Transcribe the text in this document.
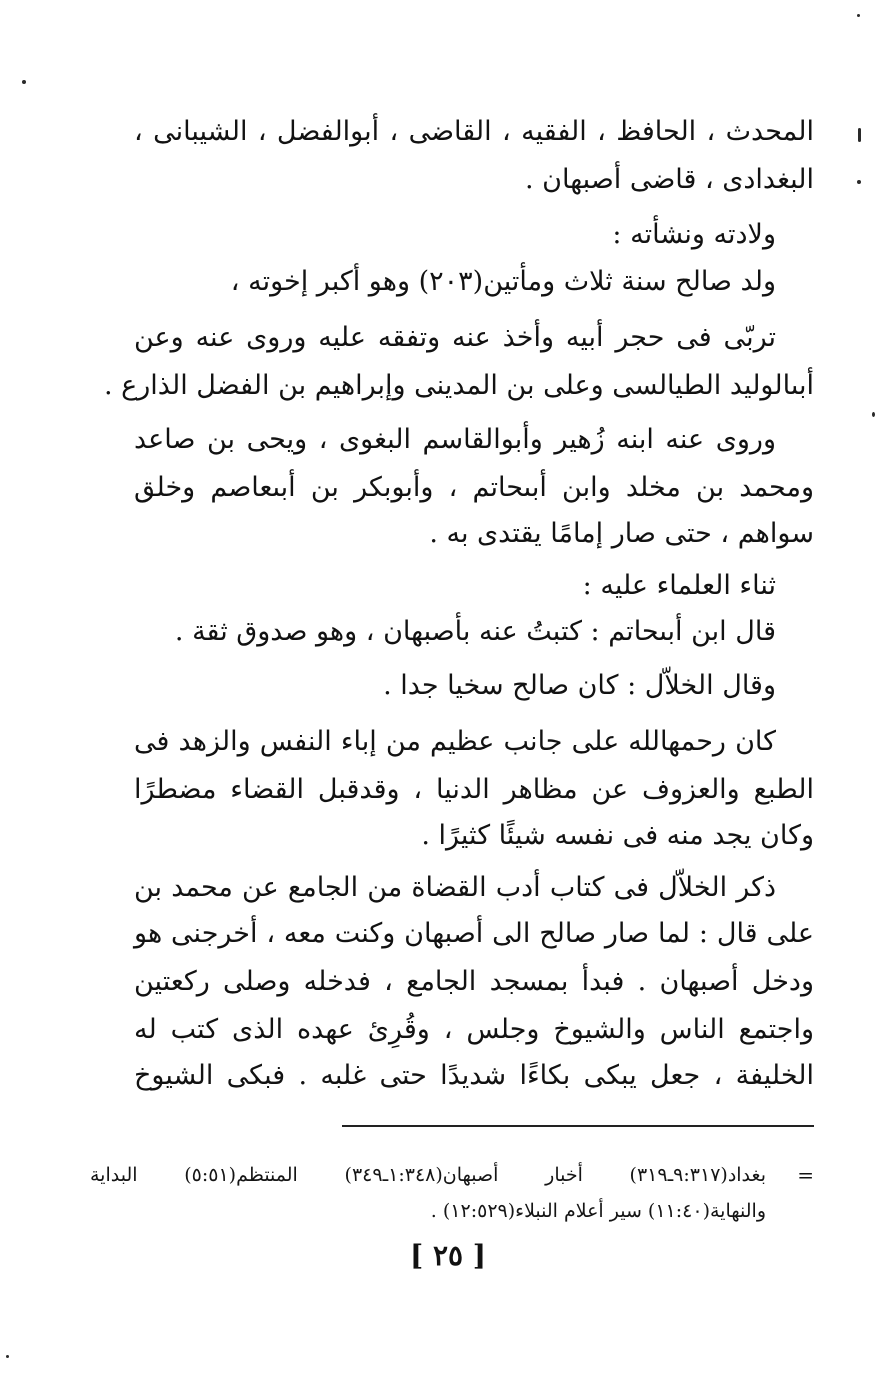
المحدث ، الحافظ ، الفقيه ، القاضى ، أبوالفضل ، الشيبانى ،
البغدادى ، قاضى أصبهان .
ولادته ونشأته :
ولد صالح سنة ثلاث ومأتين(٢٠٣) وهو أكبر إخوته ،
تربّى فى حجر أبيه وأخذ عنه وتفقه عليه وروى عنه وعن
أبىالوليد الطيالسى وعلى بن المدينى وإبراهيم بن الفضل الذارع .
وروى عنه ابنه زُهير وأبوالقاسم البغوى ، ويحى بن صاعد
ومحمد بن مخلد وابن أبىحاتم ، وأبوبكر بن أبىعاصم وخلق
سواهم ، حتى صار إمامًا يقتدى به .
ثناء العلماء عليه :
قال ابن أبىحاتم : كتبتُ عنه بأصبهان ، وهو صدوق ثقة .
وقال الخلاّل : كان صالح سخيا جدا .
كان رحمهالله على جانب عظيم من إباء النفس والزهد فى
الطبع والعزوف عن مظاهر الدنيا ، وقدقبل القضاء مضطرًا
وكان يجد منه فى نفسه شيئًا كثيرًا .
ذكر الخلاّل فى كتاب أدب القضاة من الجامع عن محمد بن
على قال : لما صار صالح الى أصبهان وكنت معه ، أخرجنى هو
ودخل أصبهان . فبدأ بمسجد الجامع ، فدخله وصلى ركعتين
واجتمع الناس والشيوخ وجلس ، وقُرِئ عهده الذى كتب له
الخليفة ، جعل يبكى بكاءًا شديدًا حتى غلبه . فبكى الشيوخ
=
بغداد(٩:٣١٧ـ٣١٩) أخبار أصبهان(١:٣٤٨ـ٣٤٩) المنتظم(٥:٥١) البداية
والنهاية(١١:٤٠) سير أعلام النبلاء(١٢:٥٢٩) .
[ ٢٥ ]
